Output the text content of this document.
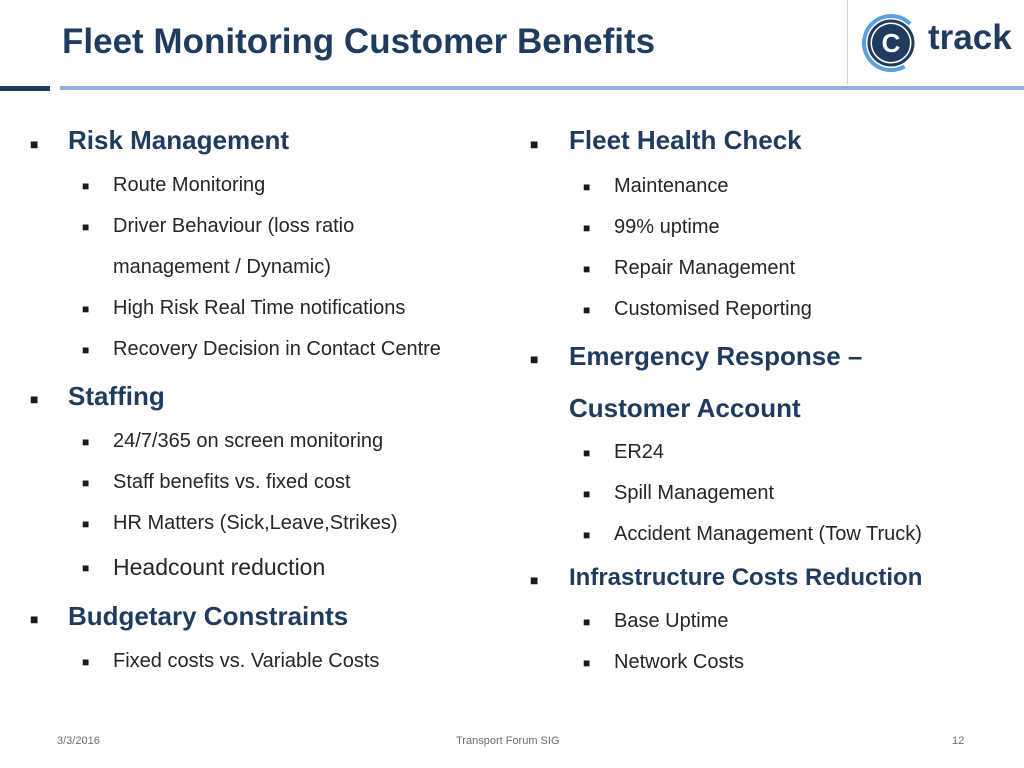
Fleet Monitoring Customer Benefits	C track
■ Risk Management
■ Route Monitoring
■ Driver Behaviour (loss ratio
management / Dynamic)
■ High Risk Real Time notifications
■ Recovery Decision in Contact Centre
■ Staffing
■ 24/7/365 on screen monitoring
■ Staff benefits vs. fixed cost
■ HR Matters (Sick,Leave,Strikes)
■ Headcount reduction
■ Budgetary Constraints
■ Fixed costs vs. Variable Costs
■ Fleet Health Check
■ Maintenance
■ 99% uptime
■ Repair Management
■ Customised Reporting
■ Emergency Response –
Customer Account
■ ER24
■ Spill Management
■ Accident Management (Tow Truck)
■ Infrastructure Costs Reduction
■ Base Uptime
■ Network Costs
3/3/2016	Transport Forum SIG	12
